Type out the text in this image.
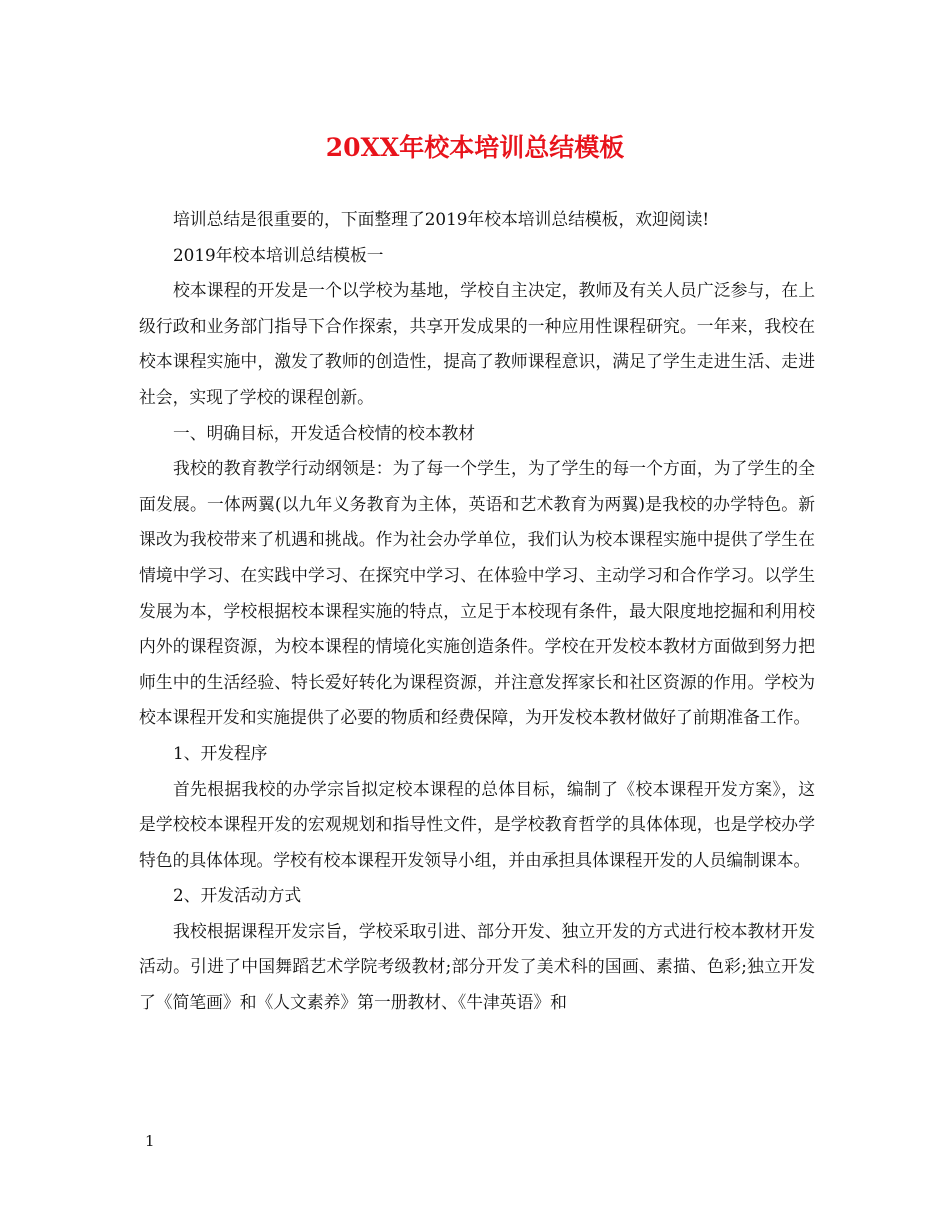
20XX年校本培训总结模板

培训总结是很重要的，下面整理了2019年校本培训总结模板，欢迎阅读!

2019年校本培训总结模板一

校本课程的开发是一个以学校为基地，学校自主决定，教师及有关人员广泛参与，在上级行政和业务部门指导下合作探索，共享开发成果的一种应用性课程研究。一年来，我校在校本课程实施中，激发了教师的创造性，提高了教师课程意识，满足了学生走进生活、走进社会，实现了学校的课程创新。

一、明确目标，开发适合校情的校本教材

我校的教育教学行动纲领是：为了每一个学生，为了学生的每一个方面，为了学生的全面发展。一体两翼(以九年义务教育为主体，英语和艺术教育为两翼)是我校的办学特色。新课改为我校带来了机遇和挑战。作为社会办学单位，我们认为校本课程实施中提供了学生在情境中学习、在实践中学习、在探究中学习、在体验中学习、主动学习和合作学习。以学生发展为本，学校根据校本课程实施的特点，立足于本校现有条件，最大限度地挖掘和利用校内外的课程资源，为校本课程的情境化实施创造条件。学校在开发校本教材方面做到努力把师生中的生活经验、特长爱好转化为课程资源，并注意发挥家长和社区资源的作用。学校为校本课程开发和实施提供了必要的物质和经费保障，为开发校本教材做好了前期准备工作。

1、开发程序

首先根据我校的办学宗旨拟定校本课程的总体目标，编制了《校本课程开发方案》，这是学校校本课程开发的宏观规划和指导性文件，是学校教育哲学的具体体现，也是学校办学特色的具体体现。学校有校本课程开发领导小组，并由承担具体课程开发的人员编制课本。

2、开发活动方式

我校根据课程开发宗旨，学校采取引进、部分开发、独立开发的方式进行校本教材开发活动。引进了中国舞蹈艺术学院考级教材;部分开发了美术科的国画、素描、色彩;独立开发了《简笔画》和《人文素养》第一册教材、《牛津英语》和

1
